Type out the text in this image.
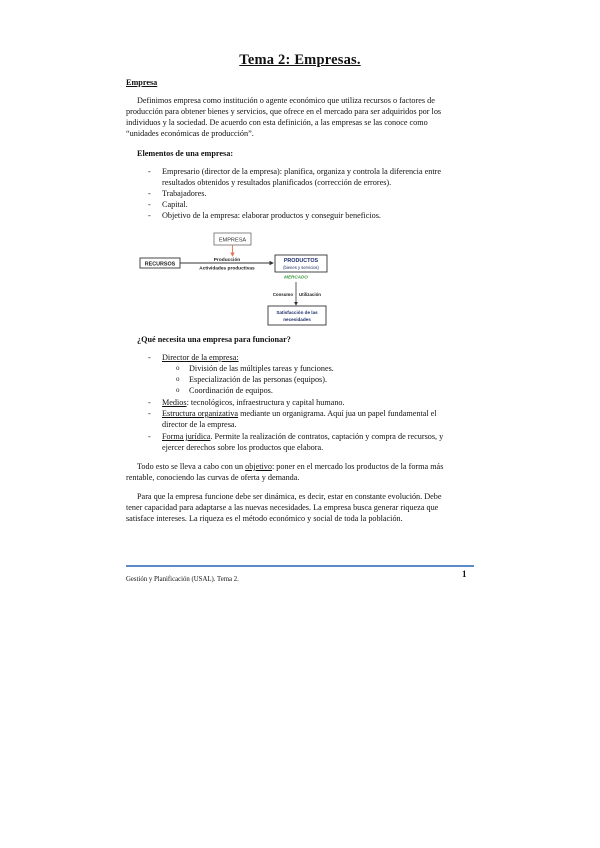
Tema 2: Empresas.
Empresa
Definimos empresa como institución o agente económico que utiliza recursos o factores de
producción para obtener bienes y servicios, que ofrece en el mercado para ser adquiridos por los
individuos y la sociedad. De acuerdo con esta definición, a las empresas se las conoce como
“unidades económicas de producción”.
Elementos de una empresa:
- Empresario (director de la empresa): planifica, organiza y controla la diferencia entre
resultados obtenidos y resultados planificados (corrección de errores).
- Trabajadores.
- Capital.
- Objetivo de la empresa: elaborar productos y conseguir beneficios.
EMPRESA
RECURSOS
Producción
Actividades productivas
PRODUCTOS
(bienes y servicios)
MERCADO
Consumo Utilización
Satisfacción de las
necesidades
¿Qué necesita una empresa para funcionar?
- Director de la empresa:
o División de las múltiples tareas y funciones.
o Especialización de las personas (equipos).
o Coordinación de equipos.
- Medios: tecnológicos, infraestructura y capital humano.
- Estructura organizativa mediante un organigrama. Aquí jua un papel fundamental el
director de la empresa.
- Forma jurídica. Permite la realización de contratos, captación y compra de recursos, y
ejercer derechos sobre los productos que elabora.
Todo esto se lleva a cabo con un objetivo: poner en el mercado los productos de la forma más
rentable, conociendo las curvas de oferta y demanda.
Para que la empresa funcione debe ser dinámica, es decir, estar en constante evolución. Debe
tener capacidad para adaptarse a las nuevas necesidades. La empresa busca generar riqueza que
satisface intereses. La riqueza es el método económico y social de toda la población.
1
Gestión y Planificación (USAL). Tema 2.
